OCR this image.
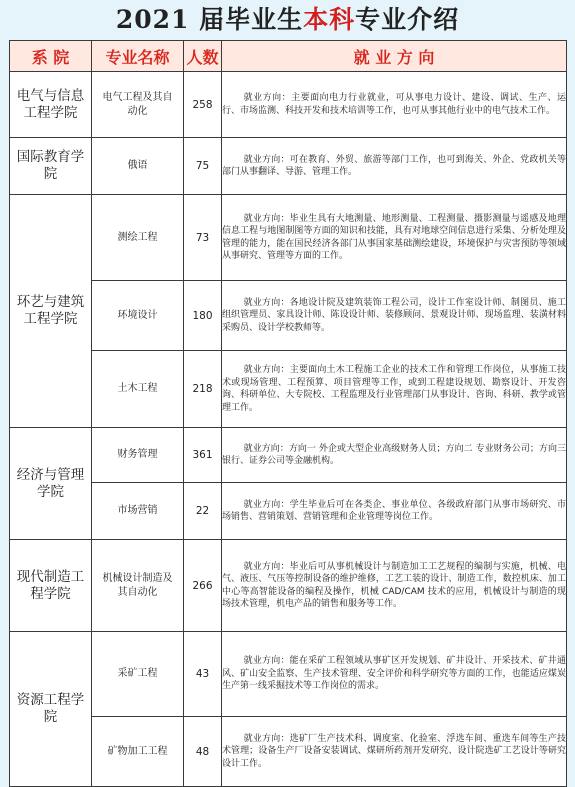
2021 届毕业生本科专业介绍
系 院	专业名称	人数	就 业 方 向
电气与信息工程学院	电气工程及其自动化	258	就业方向：主要面向电力行业就业，可从事电力设计、建设、调试、生产、运行、市场监测、科技开发和技术培训等工作，也可从事其他行业中的电气技术工作。
国际教育学院	俄语	75	就业方向：可在教育、外贸、旅游等部门工作，也可到海关、外企、党政机关等部门从事翻译、导游、管理工作。
环艺与建筑工程学院	测绘工程	73	就业方向：毕业生具有大地测量、地形测量、工程测量、摄影测量与遥感及地理信息工程与地图制图等方面的知识和技能，具有对地球空间信息进行采集、分析处理及管理的能力，能在国民经济各部门从事国家基础测绘建设，环境保护与灾害预防等领域从事研究、管理等方面的工作。
	环境设计	180	就业方向：各地设计院及建筑装饰工程公司，设计工作室设计师、制图员、施工组织管理员、家具设计师、陈设设计师、装修顾问、景观设计师、现场监理、装潢材料采购员、设计学校教师等。
	土木工程	218	就业方向：主要面向土木工程施工企业的技术工作和管理工作岗位，从事施工技术或现场管理、工程预算、项目管理等工作，或到工程建设规划、勘察设计、开发咨询、科研单位、大专院校、工程监理及行业管理部门从事设计、咨询、科研、教学或管理工作。
经济与管理学院	财务管理	361	就业方向：方向一 外企或大型企业高级财务人员；方向二 专业财务公司；方向三 银行、证券公司等金融机构。
	市场营销	22	就业方向：学生毕业后可在各类企、事业单位、各级政府部门从事市场研究、市场销售、营销策划、营销管理和企业管理等岗位工作。
现代制造工程学院	机械设计制造及其自动化	266	就业方向：毕业后可从事机械设计与制造加工工艺规程的编制与实施，机械、电气、液压、气压等控制设备的维护维修，工艺工装的设计、制造工作，数控机床、加工中心等高智能设备的编程及操作，机械 CAD/CAM 技术的应用，机械设计与制造的现场技术管理，机电产品的销售和服务等工作。
资源工程学院	采矿工程	43	就业方向：能在采矿工程领域从事矿区开发规划、矿井设计、开采技术、矿井通风、矿山安全监察、生产技术管理、安全评价和科学研究等方面的工作，也能适应煤炭生产第一线采掘技术等工作岗位的需求。
	矿物加工工程	48	就业方向：选矿厂生产技术科、调度室、化验室、浮选车间、重选车间等生产技术管理；设备生产厂设备安装调试、煤研所药剂开发研究、设计院选矿工艺设计等研究设计工作。
